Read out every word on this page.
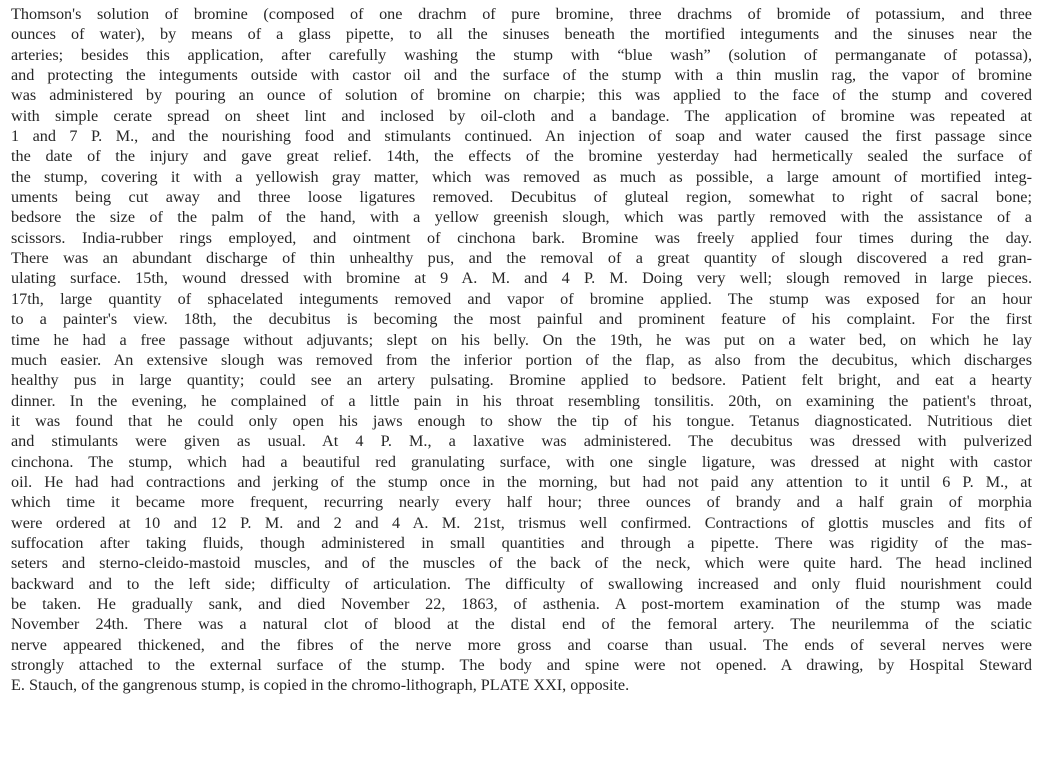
Thomson's solution of bromine (composed of one drachm of pure bromine, three drachms of bromide of potassium, and three
ounces of water), by means of a glass pipette, to all the sinuses beneath the mortified integuments and the sinuses near the
arteries; besides this application, after carefully washing the stump with “blue wash” (solution of permanganate of potassa),
and protecting the integuments outside with castor oil and the surface of the stump with a thin muslin rag, the vapor of bromine
was administered by pouring an ounce of solution of bromine on charpie; this was applied to the face of the stump and covered
with simple cerate spread on sheet lint and inclosed by oil-cloth and a bandage. The application of bromine was repeated at
1 and 7 P. M., and the nourishing food and stimulants continued. An injection of soap and water caused the first passage since
the date of the injury and gave great relief. 14th, the effects of the bromine yesterday had hermetically sealed the surface of
the stump, covering it with a yellowish gray matter, which was removed as much as possible, a large amount of mortified integ-
uments being cut away and three loose ligatures removed. Decubitus of gluteal region, somewhat to right of sacral bone;
bedsore the size of the palm of the hand, with a yellow greenish slough, which was partly removed with the assistance of a
scissors. India-rubber rings employed, and ointment of cinchona bark. Bromine was freely applied four times during the day.
There was an abundant discharge of thin unhealthy pus, and the removal of a great quantity of slough discovered a red gran-
ulating surface. 15th, wound dressed with bromine at 9 A. M. and 4 P. M. Doing very well; slough removed in large pieces.
17th, large quantity of sphacelated integuments removed and vapor of bromine applied. The stump was exposed for an hour
to a painter's view. 18th, the decubitus is becoming the most painful and prominent feature of his complaint. For the first
time he had a free passage without adjuvants; slept on his belly. On the 19th, he was put on a water bed, on which he lay
much easier. An extensive slough was removed from the inferior portion of the flap, as also from the decubitus, which discharges
healthy pus in large quantity; could see an artery pulsating. Bromine applied to bedsore. Patient felt bright, and eat a hearty
dinner. In the evening, he complained of a little pain in his throat resembling tonsilitis. 20th, on examining the patient's throat,
it was found that he could only open his jaws enough to show the tip of his tongue. Tetanus diagnosticated. Nutritious diet
and stimulants were given as usual. At 4 P. M., a laxative was administered. The decubitus was dressed with pulverized
cinchona. The stump, which had a beautiful red granulating surface, with one single ligature, was dressed at night with castor
oil. He had had contractions and jerking of the stump once in the morning, but had not paid any attention to it until 6 P. M., at
which time it became more frequent, recurring nearly every half hour; three ounces of brandy and a half grain of morphia
were ordered at 10 and 12 P. M. and 2 and 4 A. M. 21st, trismus well confirmed. Contractions of glottis muscles and fits of
suffocation after taking fluids, though administered in small quantities and through a pipette. There was rigidity of the mas-
seters and sterno-cleido-mastoid muscles, and of the muscles of the back of the neck, which were quite hard. The head inclined
backward and to the left side; difficulty of articulation. The difficulty of swallowing increased and only fluid nourishment could
be taken. He gradually sank, and died November 22, 1863, of asthenia. A post-mortem examination of the stump was made
November 24th. There was a natural clot of blood at the distal end of the femoral artery. The neurilemma of the sciatic
nerve appeared thickened, and the fibres of the nerve more gross and coarse than usual. The ends of several nerves were
strongly attached to the external surface of the stump. The body and spine were not opened. A drawing, by Hospital Steward
E. Stauch, of the gangrenous stump, is copied in the chromo-lithograph, PLATE XXI, opposite.
